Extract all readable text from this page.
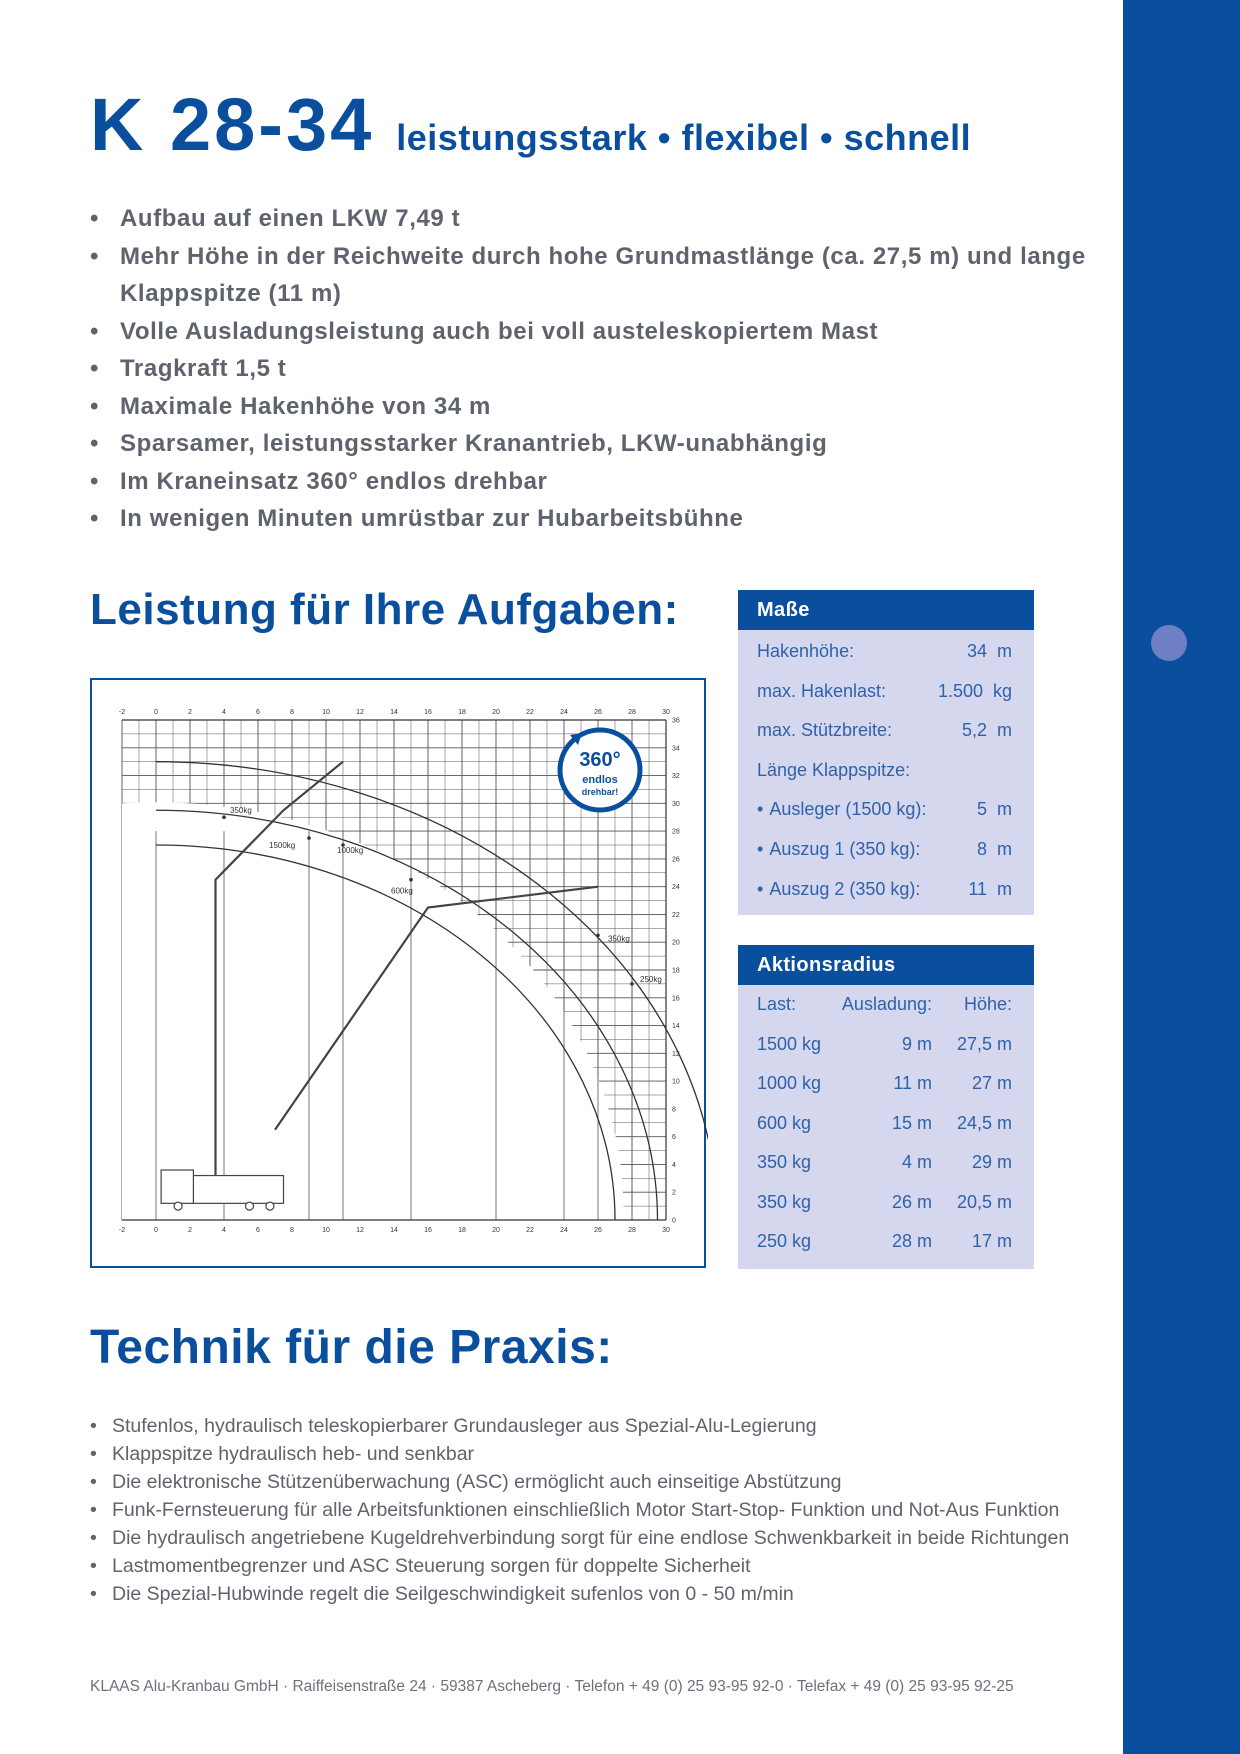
K 28-34 leistungsstark • flexibel • schnell
• Aufbau auf einen LKW 7,49 t
• Mehr Höhe in der Reichweite durch hohe Grundmastlänge (ca. 27,5 m) und lange Klappspitze (11 m)
• Volle Ausladungsleistung auch bei voll austeleskopiertem Mast
• Tragkraft 1,5 t
• Maximale Hakenhöhe von 34 m
• Sparsamer, leistungsstarker Kranantrieb, LKW-unabhängig
• Im Kraneinsatz 360° endlos drehbar
• In wenigen Minuten umrüstbar zur Hubarbeitsbühne
Leistung für Ihre Aufgaben:
-2
-2
0
0
2
2
4
4
6
6
8
8
10
10
12
12
14
14
16
16
18
18
20
20
22
22
24
24
26
26
28
28
30
30
0
2
4
6
8
10
12
14
16
18
20
22
24
26
28
30
32
34
36
350kg
1500kg
1000kg
600kg
350kg
250kg
360°
endlos
drehbar!
Maße
Hakenhöhe:	34  m
max. Hakenlast:	1.500  kg
max. Stützbreite:	5,2  m
Länge Klappspitze:
• Ausleger (1500 kg):	5  m
• Auszug 1 (350 kg):	8  m
• Auszug 2 (350 kg):	11  m
Aktionsradius
Last:	Ausladung: Höhe:
1500 kg	9 m 27,5 m
1000 kg	11 m 27 m
600 kg	15 m 24,5 m
350 kg	4 m 29 m
350 kg	26 m 20,5 m
250 kg	28 m 17 m
Technik für die Praxis:
• Stufenlos, hydraulisch teleskopierbarer Grundausleger aus Spezial-Alu-Legierung
• Klappspitze hydraulisch heb- und senkbar
• Die elektronische Stützenüberwachung (ASC) ermöglicht auch einseitige Abstützung
• Funk-Fernsteuerung für alle Arbeitsfunktionen einschließlich Motor Start-Stop- Funktion und Not-Aus Funktion
• Die hydraulisch angetriebene Kugeldrehverbindung sorgt für eine endlose Schwenkbarkeit in beide Richtungen
• Lastmomentbegrenzer und ASC Steuerung sorgen für doppelte Sicherheit
• Die Spezial-Hubwinde regelt die Seilgeschwindigkeit sufenlos von 0 - 50 m/min
KLAAS Alu-Kranbau GmbH · Raiffeisenstraße 24 · 59387 Ascheberg · Telefon + 49 (0) 25 93-95 92-0 · Telefax + 49 (0) 25 93-95 92-25
